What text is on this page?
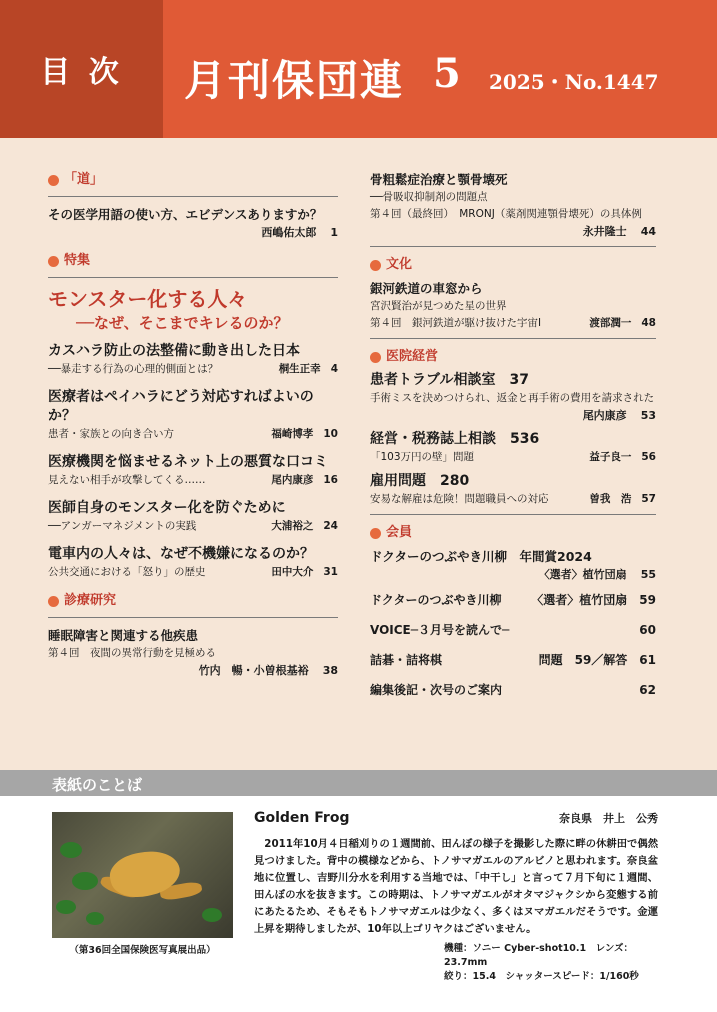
目 次	月刊保団連 5 2025・No.1447
「道」
その医学用語の使い方、エビデンスありますか？
西嶋佑太郎 1
特集
モンスター化する人々
──なぜ、そこまでキレるのか？
カスハラ防止の法整備に動き出した日本
──暴走する行為の心理的側面とは？	桐生正幸 4
医療者はペイハラにどう対応すればよいのか？
患者・家族との向き合い方	福崎博孝 10
医療機関を悩ませるネット上の悪質な口コミ
見えない相手が攻撃してくる……	尾内康彦 16
医師自身のモンスター化を防ぐために
──アンガーマネジメントの実践	大浦裕之 24
電車内の人々は、なぜ不機嫌になるのか？
公共交通における「怒り」の歴史	田中大介 31
診療研究
睡眠障害と関連する他疾患
第４回　夜間の異常行動を見極める
竹内　暢・小曽根基裕 38
骨粗鬆症治療と顎骨壊死
──骨吸収抑制剤の問題点
第４回（最終回）　MRONJ（薬剤関連顎骨壊死）の具体例
永井隆士 44
文化
銀河鉄道の車窓から
宮沢賢治が見つめた星の世界
第４回　銀河鉄道が駆け抜けた宇宙Ⅰ	渡部潤一 48
医院経営
患者トラブル相談室　 37
手術ミスを決めつけられ、返金と再手術の費用を請求された
尾内康彦 53
経営・税務誌上相談　 536
「103万円の壁」問題	益子良一 56
雇用問題　 280
安易な解雇は危険！問題職員への対応	曽我　浩 57
会員
ドクターのつぶやき川柳　年間賞2024
〈選者〉植竹団扇 55
ドクターのつぶやき川柳 〈選者〉植竹団扇　 59
VOICE─３月号を読んで─	60
詰碁・詰将棋	問題　59／解答　61
編集後記・次号のご案内	62
表紙のことば
（第36回全国保険医写真展出品）
Golden Frog	奈良県　井上　公秀
2011年10月４日稲刈りの１週間前、田んぼの様子を撮影した際に畔の休耕田で偶然見つけました。背中の模様などから、トノサマガエルのアルビノと思われます。奈良盆地に位置し、吉野川分水を利用する当地では、「中干し」と言って７月下旬に１週間、田んぼの水を抜きます。この時期は、トノサマガエルがオタマジャクシから変態する前にあたるため、そもそもトノサマガエルは少なく、多くはヌマガエルだそうです。金運上昇を期待しましたが、10年以上ゴリヤクはございません。
機種：ソニー Cyber-shot10.1　レンズ：23.7mm
絞り：15.4　シャッタースピード：1/160秒
